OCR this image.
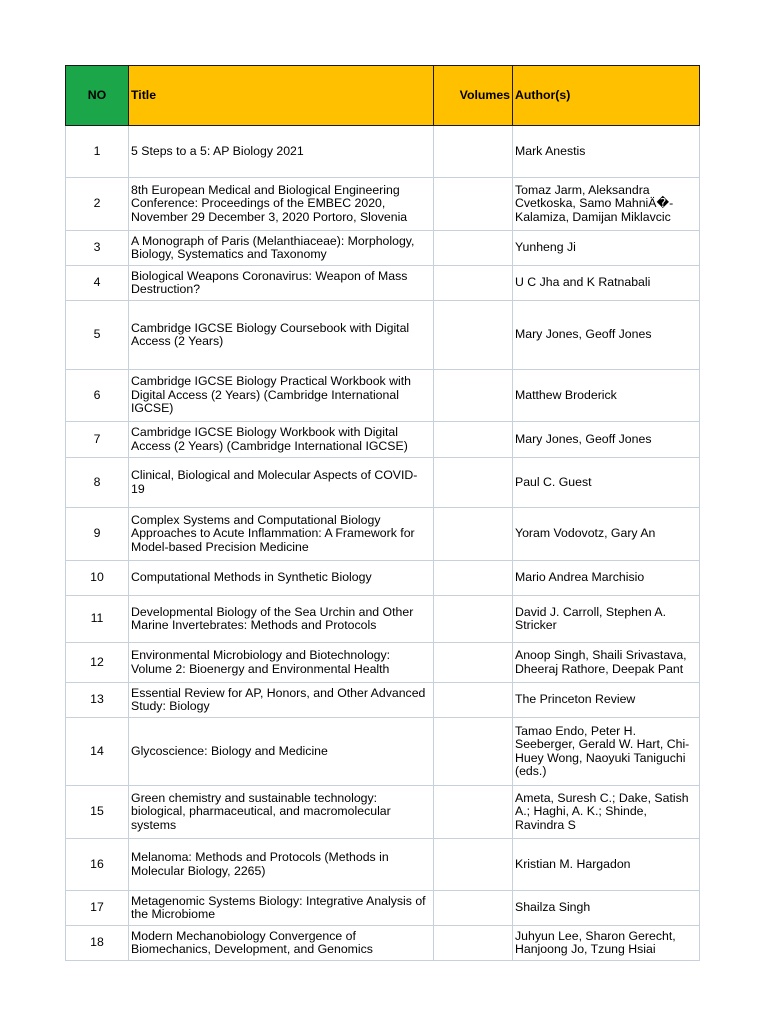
NO	Title	Volumes	Author(s)
1	5 Steps to a 5: AP Biology 2021		Mark Anestis
2	8th European Medical and Biological Engineering Conference: Proceedings of the EMBEC 2020, November 29 December 3, 2020 Portoro, Slovenia		Tomaz Jarm, Aleksandra Cvetkoska, Samo MahniÄ�-Kalamiza, Damijan Miklavcic
3	A Monograph of Paris (Melanthiaceae): Morphology, Biology, Systematics and Taxonomy		Yunheng Ji
4	Biological Weapons Coronavirus: Weapon of Mass Destruction?		U C Jha and K Ratnabali
5	Cambridge IGCSE Biology Coursebook with Digital Access (2 Years)		Mary Jones, Geoff Jones
6	Cambridge IGCSE Biology Practical Workbook with Digital Access (2 Years) (Cambridge International IGCSE)		Matthew Broderick
7	Cambridge IGCSE Biology Workbook with Digital Access (2 Years) (Cambridge International IGCSE)		Mary Jones, Geoff Jones
8	Clinical, Biological and Molecular Aspects of COVID-19		Paul C. Guest
9	Complex Systems and Computational Biology Approaches to Acute Inflammation: A Framework for Model-based Precision Medicine		Yoram Vodovotz, Gary An
10	Computational Methods in Synthetic Biology		Mario Andrea Marchisio
11	Developmental Biology of the Sea Urchin and Other Marine Invertebrates: Methods and Protocols		David J. Carroll, Stephen A. Stricker
12	Environmental Microbiology and Biotechnology: Volume 2: Bioenergy and Environmental Health		Anoop Singh, Shaili Srivastava, Dheeraj Rathore, Deepak Pant
13	Essential Review for AP, Honors, and Other Advanced Study: Biology		The Princeton Review
14	Glycoscience: Biology and Medicine		Tamao Endo, Peter H. Seeberger, Gerald W. Hart, Chi-Huey Wong, Naoyuki Taniguchi (eds.)
15	Green chemistry and sustainable technology: biological, pharmaceutical, and macromolecular systems		Ameta, Suresh C.; Dake, Satish A.; Haghi, A. K.; Shinde, Ravindra S
16	Melanoma: Methods and Protocols (Methods in Molecular Biology, 2265)		Kristian M. Hargadon
17	Metagenomic Systems Biology: Integrative Analysis of the Microbiome		Shailza Singh
18	Modern Mechanobiology Convergence of Biomechanics, Development, and Genomics		Juhyun Lee, Sharon Gerecht, Hanjoong Jo, Tzung Hsiai
